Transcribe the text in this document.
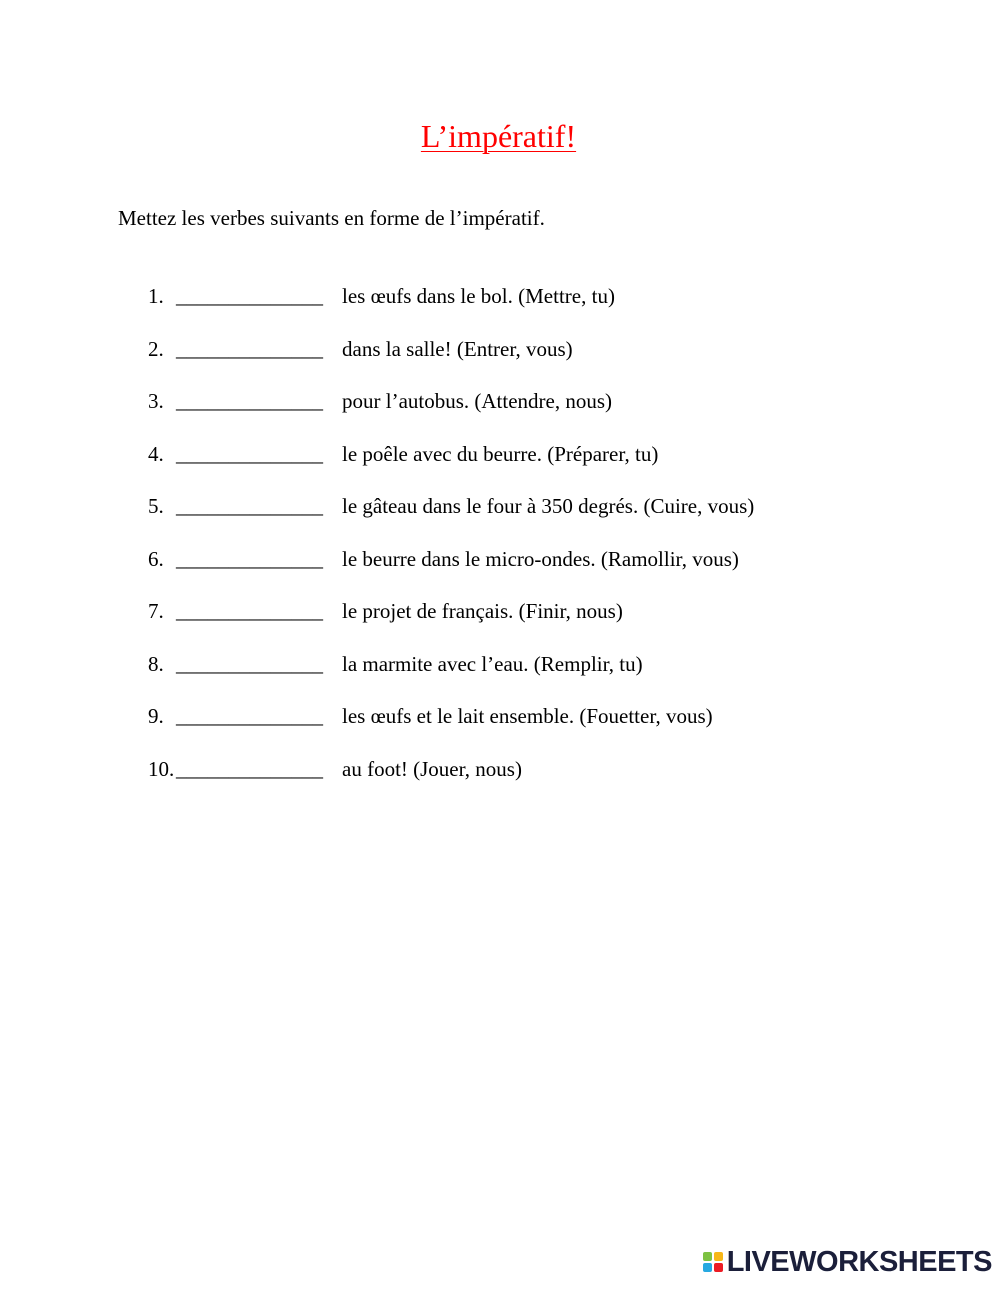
L’impératif!
Mettez les verbes suivants en forme de l’impératif.
1. ______________ les œufs dans le bol. (Mettre, tu)
2. ______________ dans la salle! (Entrer, vous)
3. ______________ pour l’autobus. (Attendre, nous)
4. ______________ le poêle avec du beurre. (Préparer, tu)
5. ______________ le gâteau dans le four à 350 degrés. (Cuire, vous)
6. ______________ le beurre dans le micro-ondes. (Ramollir, vous)
7. ______________ le projet de français. (Finir, nous)
8. ______________ la marmite avec l’eau. (Remplir, tu)
9. ______________ les œufs et le lait ensemble. (Fouetter, vous)
10. ______________ au foot! (Jouer, nous)
LIVEWORKSHEETS
